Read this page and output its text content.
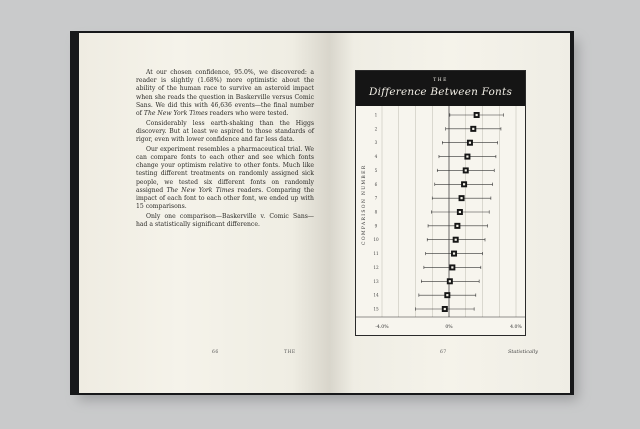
At our chosen confidence, 95.0%, we discovered: a reader is slightly (1.68%) more optimistic about the ability of the human race to survive an asteroid impact when she reads the question in Baskerville versus Comic Sans. We did this with 46,636 events—the final number of The New York Times readers who were tested.

Considerably less earth-shaking than the Higgs discovery. But at least we aspired to those standards of rigor, even with lower confidence and far less data.

Our experiment resembles a pharmaceutical trial. We can compare fonts to each other and see which fonts change your optimism relative to other fonts. Much like testing different treatments on randomly assigned sick people, we tested six different fonts on randomly assigned The New York Times readers. Comparing the impact of each font to each other font, we ended up with 15 comparisons.

Only one comparison—Baskerville v. Comic Sans—had a statistically significant difference.

66	THE	67	Statistically
THE
Difference Between Fonts
-4.0%	0%	4.0%
1
2
3
4
5
6
7
8
9
10
11
12
13
14
15
COMPARISON NUMBER
